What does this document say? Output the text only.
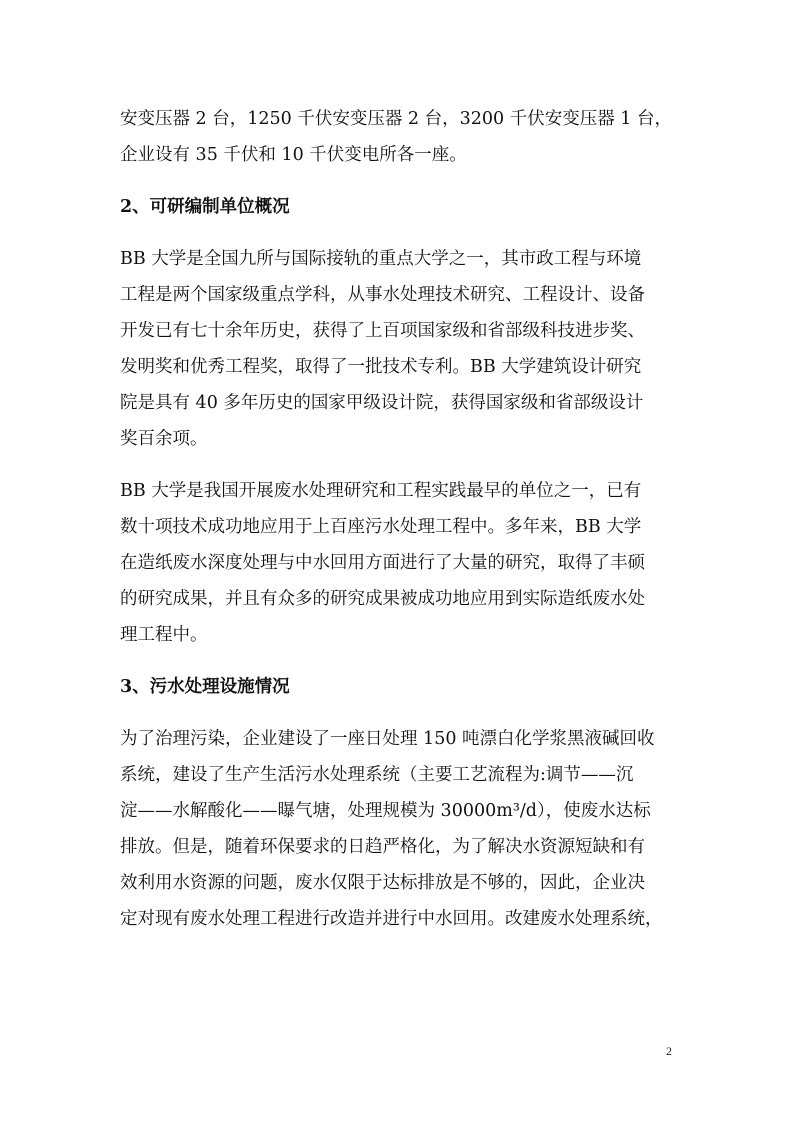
安变压器 2 台，1250 千伏安变压器 2 台，3200 千伏安变压器 1 台，
企业设有 35 千伏和 10 千伏变电所各一座。
2、可研编制单位概况
BB 大学是全国九所与国际接轨的重点大学之一，其市政工程与环境
工程是两个国家级重点学科，从事水处理技术研究、工程设计、设备
开发已有七十余年历史，获得了上百项国家级和省部级科技进步奖、
发明奖和优秀工程奖，取得了一批技术专利。BB 大学建筑设计研究
院是具有 40 多年历史的国家甲级设计院，获得国家级和省部级设计
奖百余项。
BB 大学是我国开展废水处理研究和工程实践最早的单位之一，已有
数十项技术成功地应用于上百座污水处理工程中。多年来，BB 大学
在造纸废水深度处理与中水回用方面进行了大量的研究，取得了丰硕
的研究成果，并且有众多的研究成果被成功地应用到实际造纸废水处
理工程中。
3、污水处理设施情况
为了治理污染，企业建设了一座日处理 150 吨漂白化学浆黑液碱回收
系统，建设了生产生活污水处理系统（主要工艺流程为:调节——沉
淀——水解酸化——曝气塘，处理规模为 30000m³/d），使废水达标
排放。但是，随着环保要求的日趋严格化，为了解决水资源短缺和有
效利用水资源的问题，废水仅限于达标排放是不够的，因此，企业决
定对现有废水处理工程进行改造并进行中水回用。改建废水处理系统，
2
